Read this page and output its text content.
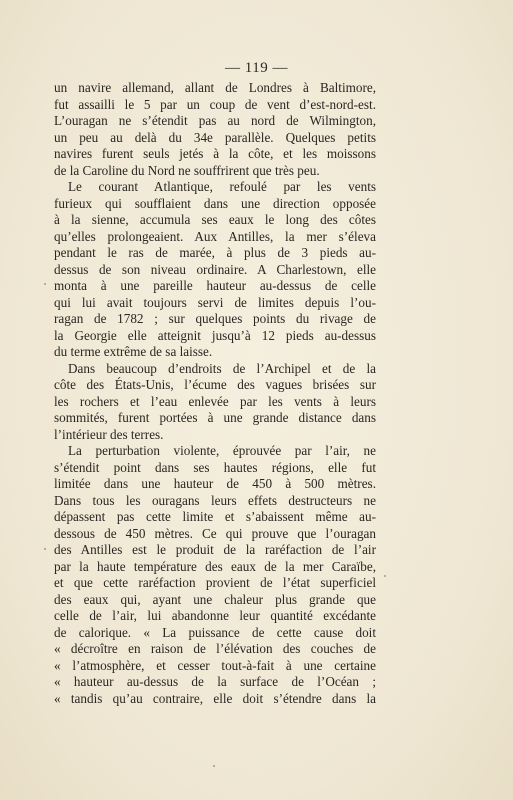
— 119 —
un navire allemand, allant de Londres à Baltimore,
fut assailli le 5 par un coup de vent d’est-nord-est.
L’ouragan ne s’étendit pas au nord de Wilmington,
un peu au delà du 34e parallèle. Quelques petits
navires furent seuls jetés à la côte, et les moissons
de la Caroline du Nord ne souffrirent que très peu.
Le courant Atlantique, refoulé par les vents
furieux qui soufflaient dans une direction opposée
à la sienne, accumula ses eaux le long des côtes
qu’elles prolongeaient. Aux Antilles, la mer s’éleva
pendant le ras de marée, à plus de 3 pieds au-
dessus de son niveau ordinaire. A Charlestown, elle
monta à une pareille hauteur au-dessus de celle
qui lui avait toujours servi de limites depuis l’ou-
ragan de 1782 ; sur quelques points du rivage de
la Georgie elle atteignit jusqu’à 12 pieds au-dessus
du terme extrême de sa laisse.
Dans beaucoup d’endroits de l’Archipel et de la
côte des États-Unis, l’écume des vagues brisées sur
les rochers et l’eau enlevée par les vents à leurs
sommités, furent portées à une grande distance dans
l’intérieur des terres.
La perturbation violente, éprouvée par l’air, ne
s’étendit point dans ses hautes régions, elle fut
limitée dans une hauteur de 450 à 500 mètres.
Dans tous les ouragans leurs effets destructeurs ne
dépassent pas cette limite et s’abaissent même au-
dessous de 450 mètres. Ce qui prouve que l’ouragan
des Antilles est le produit de la raréfaction de l’air
par la haute température des eaux de la mer Caraïbe,
et que cette raréfaction provient de l’état superficiel
des eaux qui, ayant une chaleur plus grande que
celle de l’air, lui abandonne leur quantité excédante
de calorique. « La puissance de cette cause doit
« décroître en raison de l’élévation des couches de
« l’atmosphère, et cesser tout-à-fait à une certaine
« hauteur au-dessus de la surface de l’Océan ;
« tandis qu’au contraire, elle doit s’étendre dans la
